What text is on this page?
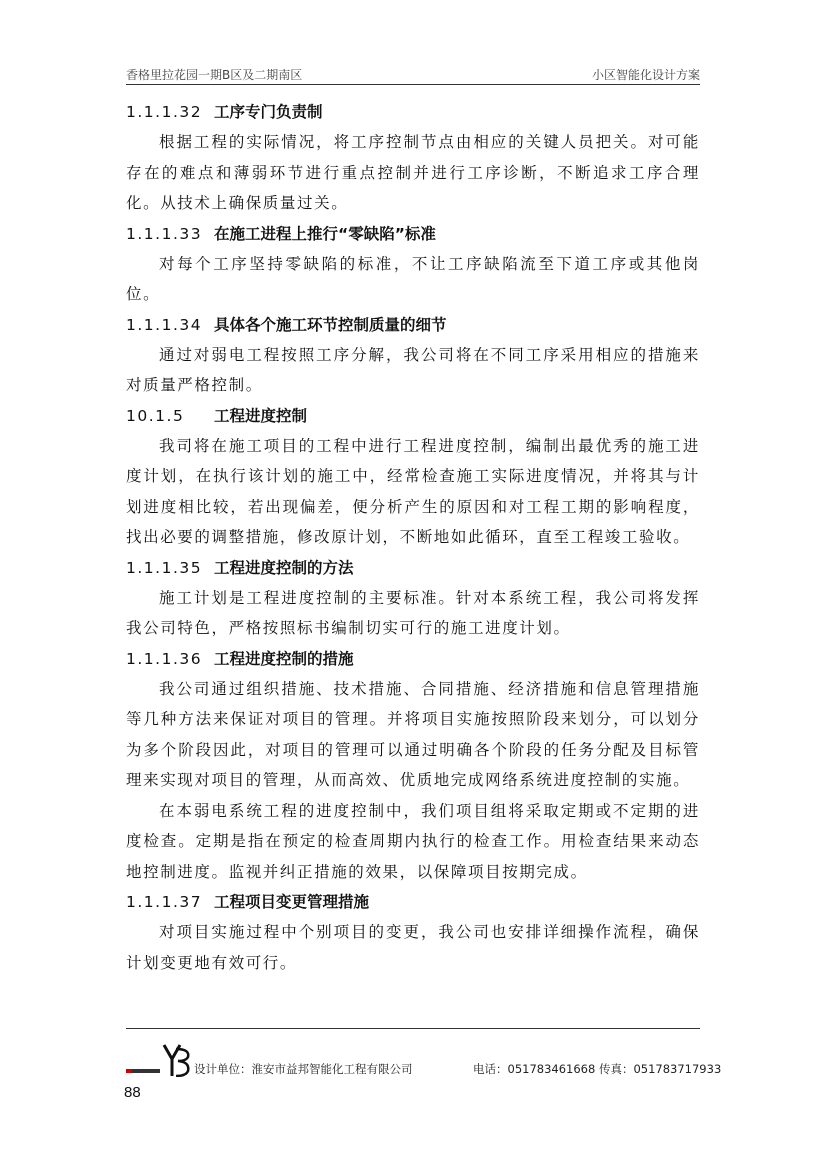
香格里拉花园一期B区及二期南区	小区智能化设计方案
1.1.1.32 工序专门负责制

根据工程的实际情况，将工序控制节点由相应的关键人员把关。对可能存在的难点和薄弱环节进行重点控制并进行工序诊断，不断追求工序合理化。从技术上确保质量过关。

1.1.1.33 在施工进程上推行“零缺陷”标准

对每个工序坚持零缺陷的标准，不让工序缺陷流至下道工序或其他岗位。

1.1.1.34 具体各个施工环节控制质量的细节

通过对弱电工程按照工序分解，我公司将在不同工序采用相应的措施来对质量严格控制。

10.1.5 工程进度控制

我司将在施工项目的工程中进行工程进度控制，编制出最优秀的施工进度计划，在执行该计划的施工中，经常检查施工实际进度情况，并将其与计划进度相比较，若出现偏差，便分析产生的原因和对工程工期的影响程度，找出必要的调整措施，修改原计划，不断地如此循环，直至工程竣工验收。

1.1.1.35 工程进度控制的方法

施工计划是工程进度控制的主要标准。针对本系统工程，我公司将发挥我公司特色，严格按照标书编制切实可行的施工进度计划。

1.1.1.36 工程进度控制的措施

我公司通过组织措施、技术措施、合同措施、经济措施和信息管理措施等几种方法来保证对项目的管理。并将项目实施按照阶段来划分，可以划分为多个阶段因此，对项目的管理可以通过明确各个阶段的任务分配及目标管理来实现对项目的管理，从而高效、优质地完成网络系统进度控制的实施。

在本弱电系统工程的进度控制中，我们项目组将采取定期或不定期的进度检查。定期是指在预定的检查周期内执行的检查工作。用检查结果来动态地控制进度。监视并纠正措施的效果，以保障项目按期完成。

1.1.1.37 工程项目变更管理措施

对项目实施过程中个别项目的变更，我公司也安排详细操作流程，确保计划变更地有效可行。

设计单位：淮安市益邦智能化工程有限公司	电话：051783461668 传真：051783717933
88
